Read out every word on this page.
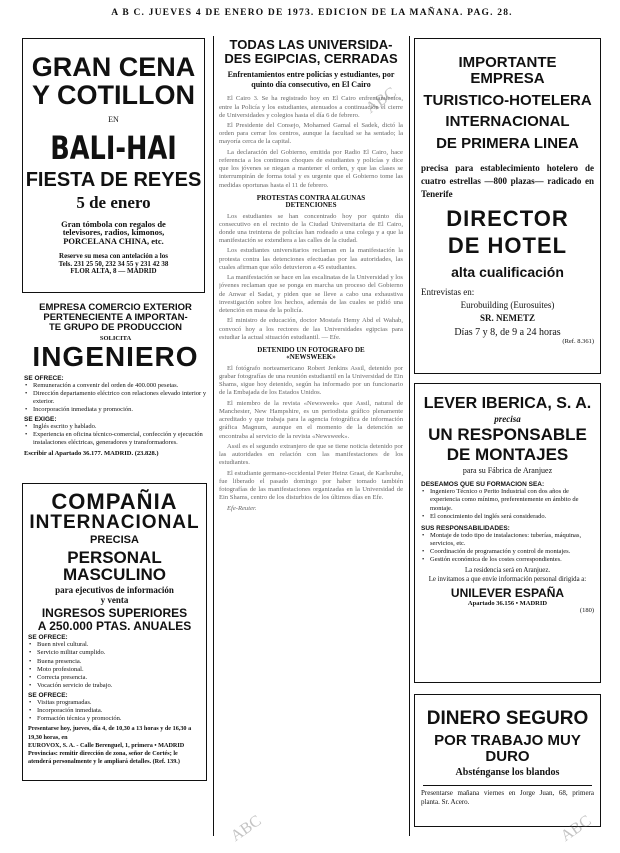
A B C. JUEVES 4 DE ENERO DE 1973. EDICION DE LA MAÑANA. PAG. 28.
GRAN CENA
Y COTILLON
EN
BALI-HAI
FIESTA DE REYES
5 de enero
Gran tómbola con regalos de
televisores, radios, kimonos,
PORCELANA CHINA, etc.
Reserve su mesa con antelación a los
Tels. 231 25 50, 232 34 55 y 231 42 38
FLOR ALTA, 8 — MADRID
EMPRESA COMERCIO EXTERIOR
PERTENECIENTE A IMPORTAN-
TE GRUPO DE PRODUCCION
SOLICITA
INGENIERO
SE OFRECE:
• Remuneración a convenir del orden de 400.000 pesetas.
• Dirección departamento eléctrico con relaciones elevado interior y exterior.
• Incorporación inmediata y promoción.
SE EXIGE:
• Inglés escrito y hablado.
• Experiencia en oficina técnico-comercial, confección y ejecución instalaciones eléctricas, generadores y transformadores.
Escribir al Apartado 36.177. MADRID. (23.828.)
COMPAÑIA
INTERNACIONAL
PRECISA
PERSONAL MASCULINO
para ejecutivos de información
y venta
INGRESOS SUPERIORES
A 250.000 PTAS. ANUALES
SE OFRECE:
• Buen nivel cultural.
• Servicio militar cumplido.
• Buena presencia.
• Moto profesional.
• Correcta presencia.
• Vocación servicio de trabajo.
SE OFRECE:
• Visitas programadas.
• Incorporación inmediata.
• Formación técnica y promoción.
Presentarse hoy, jueves, día 4, de 10,30 a 13 horas y de 16,30 a 19,30 horas, en
EUROVOX, S. A. - Calle Berenguel, 1, primera • MADRID
Provincias: remitir dirección de zona, señor de Cortés; le atenderá personalmente y le ampliará detalles. (Ref. 139.)
TODAS LAS UNIVERSIDA-
DES EGIPCIAS, CERRADAS
Enfrentamientos entre policías y estudiantes, por quinto día consecutivo, en El Cairo

El Cairo 3. Se ha registrado hoy en El Cairo enfrentamientos, entre la Policía y los estudiantes, atenuados a continuación el cierre de Universidades y colegios hasta el día 6 de febrero.

El Presidente del Consejo, Mohamed Gamal el Sadek, dictó la orden para cerrar los centros, aunque la facultad se ha sentado; la mayoría cerca de la capital.

La declaración del Gobierno, emitida por Radio El Cairo, hace referencia a los continuos choques de estudiantes y policías y dice que los jóvenes se niegan a mantener el orden, y que las clases se interrumpirán de forma total y es urgente que el Gobierno tome las medidas oportunas hasta el 11 de febrero.

PROTESTAS CONTRA ALGUNAS
DETENCIONES

Los estudiantes se han concentrado hoy por quinto día consecutivo en el recinto de la Ciudad Universitaria de El Cairo, donde una treintena de policías han rodeado a una colega y a que la manifestación se extendiera a las calles de la ciudad.

Los estudiantes universitarios reclaman en la manifestación la protesta contra las detenciones efectuadas por las autoridades, las cuales afirman que sólo detuvieron a 45 estudiantes.

La manifestación se hace en las escalinatas de la Universidad y los jóvenes reclaman que se ponga en marcha un proceso del Gobierno de Anwar el Sadat, y piden que se lleve a cabo una exhaustiva investigación sobre los hechos, además de las cuales se pidió una detención en masa de la policía.

El ministro de educación, doctor Mostafa Hemy Abd el Wahab, convocó hoy a los rectores de las Universidades egipcias para estudiar la actual situación estudiantil. — Efe.

DETENIDO UN FOTOGRAFO DE
«NEWSWEEK»

El fotógrafo norteamericano Robert Jenkins Assil, detenido por grabar fotografías de una reunión estudiantil en la Universidad de Ein Shams, sigue hoy detenido, según ha informado por un funcionario de la Embajada de los Estados Unidos.

El miembro de la revista «Newsweek» que Assil, natural de Manchester, New Hampshire, es un periodista gráfico plenamente acreditado y que trabaja para la agencia fotográfica de información gráfica Magnum, aunque en el momento de la detención se encontraba al servicio de la revista «Newsweek».

Assil es el segundo extranjero de que se tiene noticia detenido por las autoridades en relación con las manifestaciones de los estudiantes.

El estudiante germano-occidental Peter Heinz Graat, de Karlsruhe, fue liberado el pasado domingo por haber tomado también fotografías de las manifestaciones organizadas en la Universidad de Ein Shams, centro de los disturbios de los últimos días en Efe.

Efe-Reuter.

IMPORTANTE EMPRESA
TURISTICO-HOTELERA
INTERNACIONAL
DE PRIMERA LINEA
precisa para establecimiento hotelero de cuatro estrellas —800 plazas— radicado en Tenerife
DIRECTOR
DE HOTEL
alta cualificación
Entrevistas en:
Eurobuilding (Eurosuites)
SR. NEMETZ
Días 7 y 8, de 9 a 24 horas
(Ref. 8.361)
LEVER IBERICA, S. A.
precisa
UN RESPONSABLE
DE MONTAJES
para su Fábrica de Aranjuez
DESEAMOS QUE SU FORMACION SEA:
• Ingeniero Técnico o Perito Industrial con dos años de experiencia como mínimo, preferentemente en ámbito de montaje.
• El conocimiento del inglés será considerado.
SUS RESPONSABILIDADES:
• Montaje de todo tipo de instalaciones: tuberías, máquinas, servicios, etc.
• Coordinación de programación y control de montajes.
• Gestión económica de los costes correspondientes.
La residencia será en Aranjuez.
Le invitamos a que envíe información personal dirigida a:
UNILEVER ESPAÑA
Apartado 36.156 • MADRID
(180)
DINERO SEGURO
POR TRABAJO MUY DURO
Absténganse los blandos
Presentarse mañana viernes en Jorge Juan, 68, primera planta. Sr. Acero.
ABC
ABC	ABC
